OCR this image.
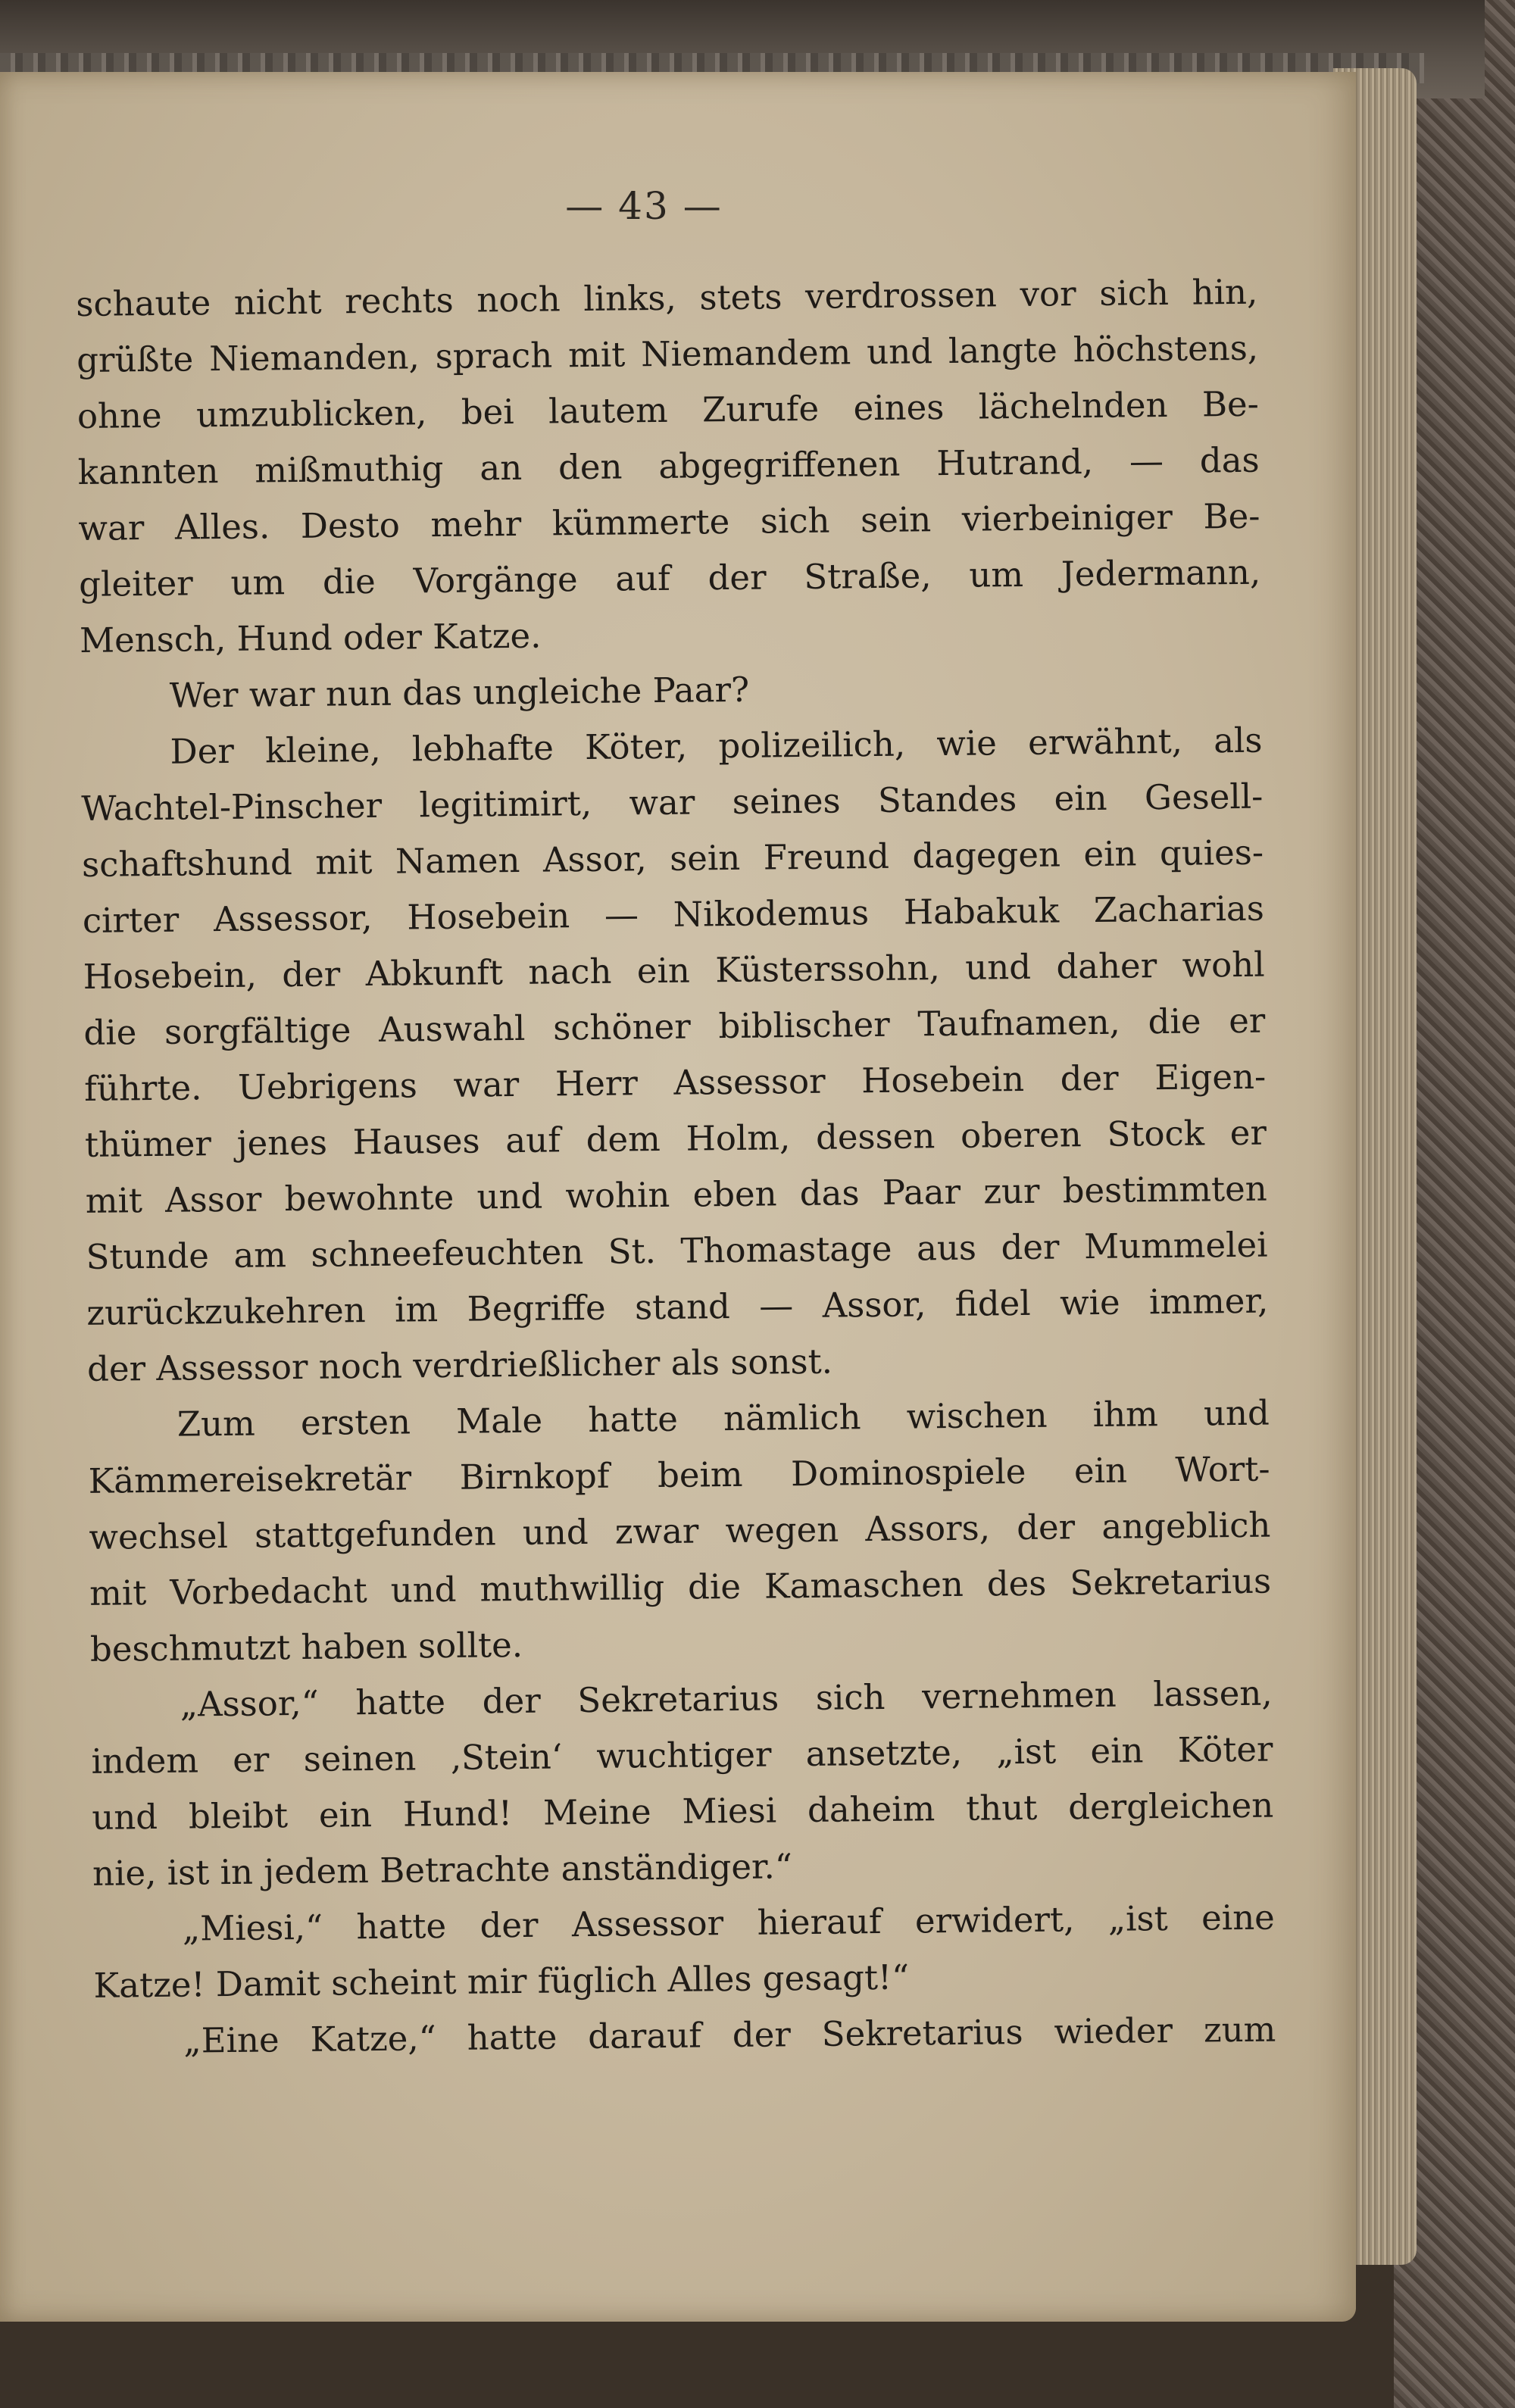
— 43 —
schaute nicht rechts noch links, stets verdrossen vor sich hin,
grüßte Niemanden, sprach mit Niemandem und langte höchstens,
ohne umzublicken, bei lautem Zurufe eines lächelnden Be-
kannten mißmuthig an den abgegriffenen Hutrand, — das
war Alles. Desto mehr kümmerte sich sein vierbeiniger Be-
gleiter um die Vorgänge auf der Straße, um Jedermann,
Mensch, Hund oder Katze.
Wer war nun das ungleiche Paar?
Der kleine, lebhafte Köter, polizeilich, wie erwähnt, als
Wachtel-Pinscher legitimirt, war seines Standes ein Gesell-
schaftshund mit Namen Assor, sein Freund dagegen ein quies-
cirter Assessor, Hosebein — Nikodemus Habakuk Zacharias
Hosebein, der Abkunft nach ein Küsterssohn, und daher wohl
die sorgfältige Auswahl schöner biblischer Taufnamen, die er
führte. Uebrigens war Herr Assessor Hosebein der Eigen-
thümer jenes Hauses auf dem Holm, dessen oberen Stock er
mit Assor bewohnte und wohin eben das Paar zur bestimmten
Stunde am schneefeuchten St. Thomastage aus der Mummelei
zurückzukehren im Begriffe stand — Assor, fidel wie immer,
der Assessor noch verdrießlicher als sonst.
Zum ersten Male hatte nämlich wischen ihm und
Kämmereisekretär Birnkopf beim Dominospiele ein Wort-
wechsel stattgefunden und zwar wegen Assors, der angeblich
mit Vorbedacht und muthwillig die Kamaschen des Sekretarius
beschmutzt haben sollte.
„Assor,“ hatte der Sekretarius sich vernehmen lassen,
indem er seinen ‚Stein‘ wuchtiger ansetzte, „ist ein Köter
und bleibt ein Hund! Meine Miesi daheim thut dergleichen
nie, ist in jedem Betrachte anständiger.“
„Miesi,“ hatte der Assessor hierauf erwidert, „ist eine
Katze! Damit scheint mir füglich Alles gesagt!“
„Eine Katze,“ hatte darauf der Sekretarius wieder zum
